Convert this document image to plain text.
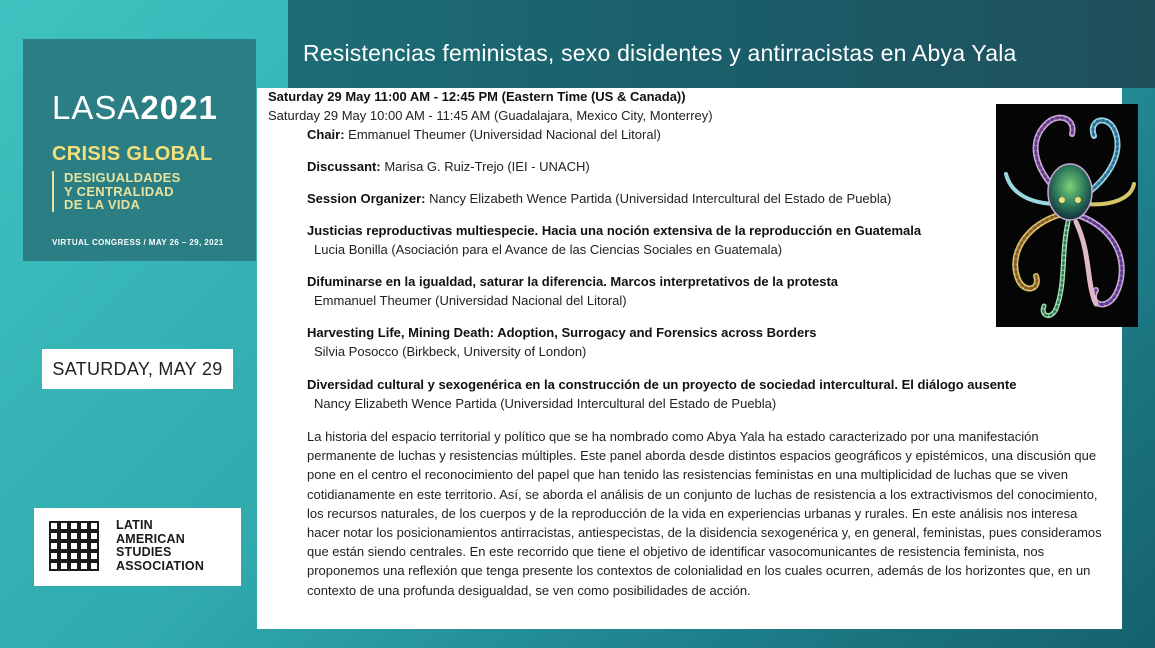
Resistencias feministas, sexo disidentes y antirracistas en Abya Yala
LASA2021
CRISIS GLOBAL
DESIGUALDADES
Y CENTRALIDAD
DE LA VIDA
VIRTUAL CONGRESS / MAY 26 – 29, 2021
SATURDAY, MAY 29
LATIN
AMERICAN
STUDIES
ASSOCIATION
Saturday 29 May 11:00 AM - 12:45 PM (Eastern Time (US & Canada))
Saturday 29 May 10:00 AM - 11:45 AM (Guadalajara, Mexico City, Monterrey)
Chair: Emmanuel Theumer (Universidad Nacional del Litoral)
Discussant: Marisa G. Ruiz-Trejo (IEI - UNACH)
Session Organizer: Nancy Elizabeth Wence Partida (Universidad Intercultural del Estado de Puebla)
Justicias reproductivas multiespecie. Hacia una noción extensiva de la reproducción en Guatemala
Lucia Bonilla (Asociación para el Avance de las Ciencias Sociales en Guatemala)
Difuminarse en la igualdad, saturar la diferencia. Marcos interpretativos de la protesta
Emmanuel Theumer (Universidad Nacional del Litoral)
Harvesting Life, Mining Death: Adoption, Surrogacy and Forensics across Borders
Silvia Posocco (Birkbeck, University of London)
Diversidad cultural y sexogenérica en la construcción de un proyecto de sociedad intercultural. El diálogo ausente
Nancy Elizabeth Wence Partida (Universidad Intercultural del Estado de Puebla)
La historia del espacio territorial y político que se ha nombrado como Abya Yala ha estado caracterizado por una manifestación permanente de luchas y resistencias múltiples. Este panel aborda desde distintos espacios geográficos y epistémicos, una discusión que pone en el centro el reconocimiento del papel que han tenido las resistencias feministas en una multiplicidad de luchas que se viven cotidianamente en este territorio. Así, se aborda el análisis de un conjunto de luchas de resistencia a los extractivismos del conocimiento, los recursos naturales, de los cuerpos y de la reproducción de la vida en experiencias urbanas y rurales. En este análisis nos interesa hacer notar los posicionamientos antirracistas, antiespecistas, de la disidencia sexogenérica y, en general, feministas, pues consideramos que están siendo centrales. En este recorrido que tiene el objetivo de identificar vasocomunicantes de resistencia feminista, nos proponemos una reflexión que tenga presente los contextos de colonialidad en los cuales ocurren, además de los horizontes que, en un contexto de una profunda desigualdad, se ven como posibilidades de acción.
